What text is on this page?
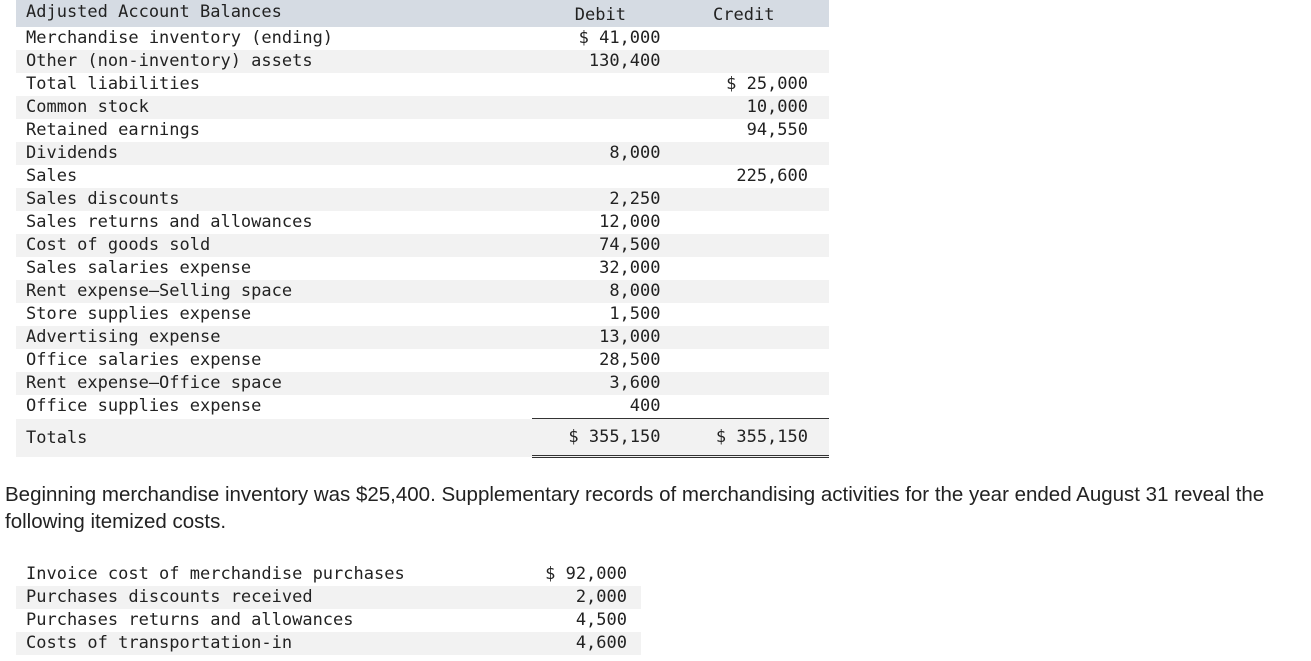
Adjusted Account Balances	Debit	Credit
Merchandise inventory (ending)	$ 41,000	
Other (non-inventory) assets	130,400	
Total liabilities		$ 25,000
Common stock		10,000
Retained earnings		94,550
Dividends	8,000	
Sales		225,600
Sales discounts	2,250	
Sales returns and allowances	12,000	
Cost of goods sold	74,500	
Sales salaries expense	32,000	
Rent expense—Selling space	8,000	
Store supplies expense	1,500	
Advertising expense	13,000	
Office salaries expense	28,500	
Rent expense—Office space	3,600	
Office supplies expense	400	
Totals	$ 355,150	$ 355,150

Beginning merchandise inventory was $25,400. Supplementary records of merchandising activities for the year ended August 31 reveal the following itemized costs.

Invoice cost of merchandise purchases	$ 92,000
Purchases discounts received	2,000
Purchases returns and allowances	4,500
Costs of transportation-in	4,600
